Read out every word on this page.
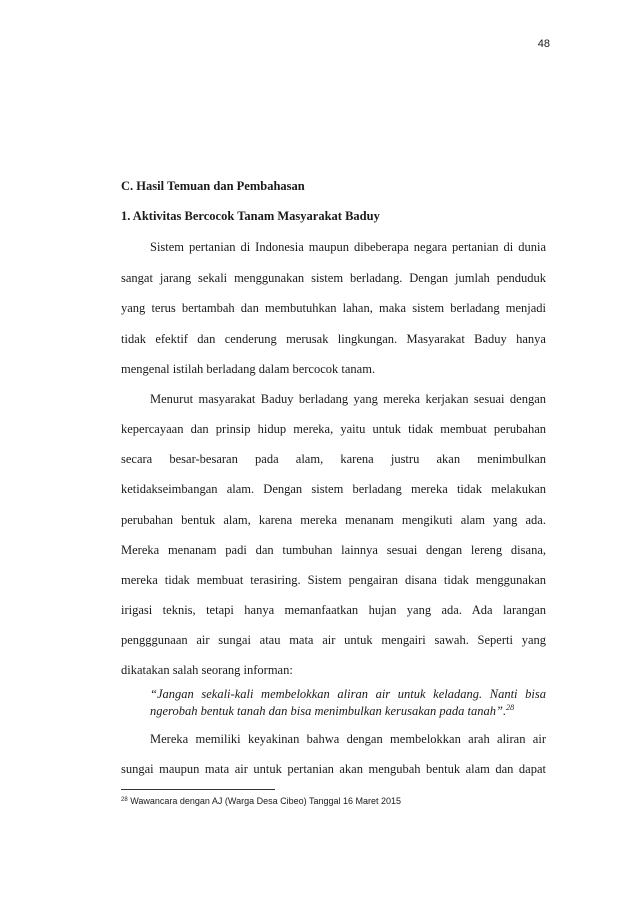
48
C. Hasil Temuan dan Pembahasan
1. Aktivitas Bercocok Tanam Masyarakat Baduy
Sistem pertanian di Indonesia maupun dibeberapa negara pertanian di dunia
sangat jarang sekali menggunakan sistem berladang. Dengan jumlah penduduk
yang terus bertambah dan membutuhkan lahan, maka sistem berladang menjadi
tidak efektif dan cenderung merusak lingkungan. Masyarakat Baduy hanya
mengenal istilah berladang dalam bercocok tanam.
Menurut masyarakat Baduy berladang yang mereka kerjakan sesuai dengan
kepercayaan dan prinsip hidup mereka, yaitu untuk tidak membuat perubahan
secara besar-besaran pada alam, karena justru akan menimbulkan
ketidakseimbangan alam. Dengan sistem berladang mereka tidak melakukan
perubahan bentuk alam, karena mereka menanam mengikuti alam yang ada.
Mereka menanam padi dan tumbuhan lainnya sesuai dengan lereng disana,
mereka tidak membuat terasiring. Sistem pengairan disana tidak menggunakan
irigasi teknis, tetapi hanya memanfaatkan hujan yang ada. Ada larangan
pengggunaan air sungai atau mata air untuk mengairi sawah. Seperti yang
dikatakan salah seorang informan:
“Jangan sekali-kali membelokkan aliran air untuk keladang. Nanti bisa
ngerobah bentuk tanah dan bisa menimbulkan kerusakan pada tanah”.$^{28}$
Mereka memiliki keyakinan bahwa dengan membelokkan arah aliran air
sungai maupun mata air untuk pertanian akan mengubah bentuk alam dan dapat
$^{28}$ Wawancara dengan AJ (Warga Desa Cibeo) Tanggal 16 Maret 2015
